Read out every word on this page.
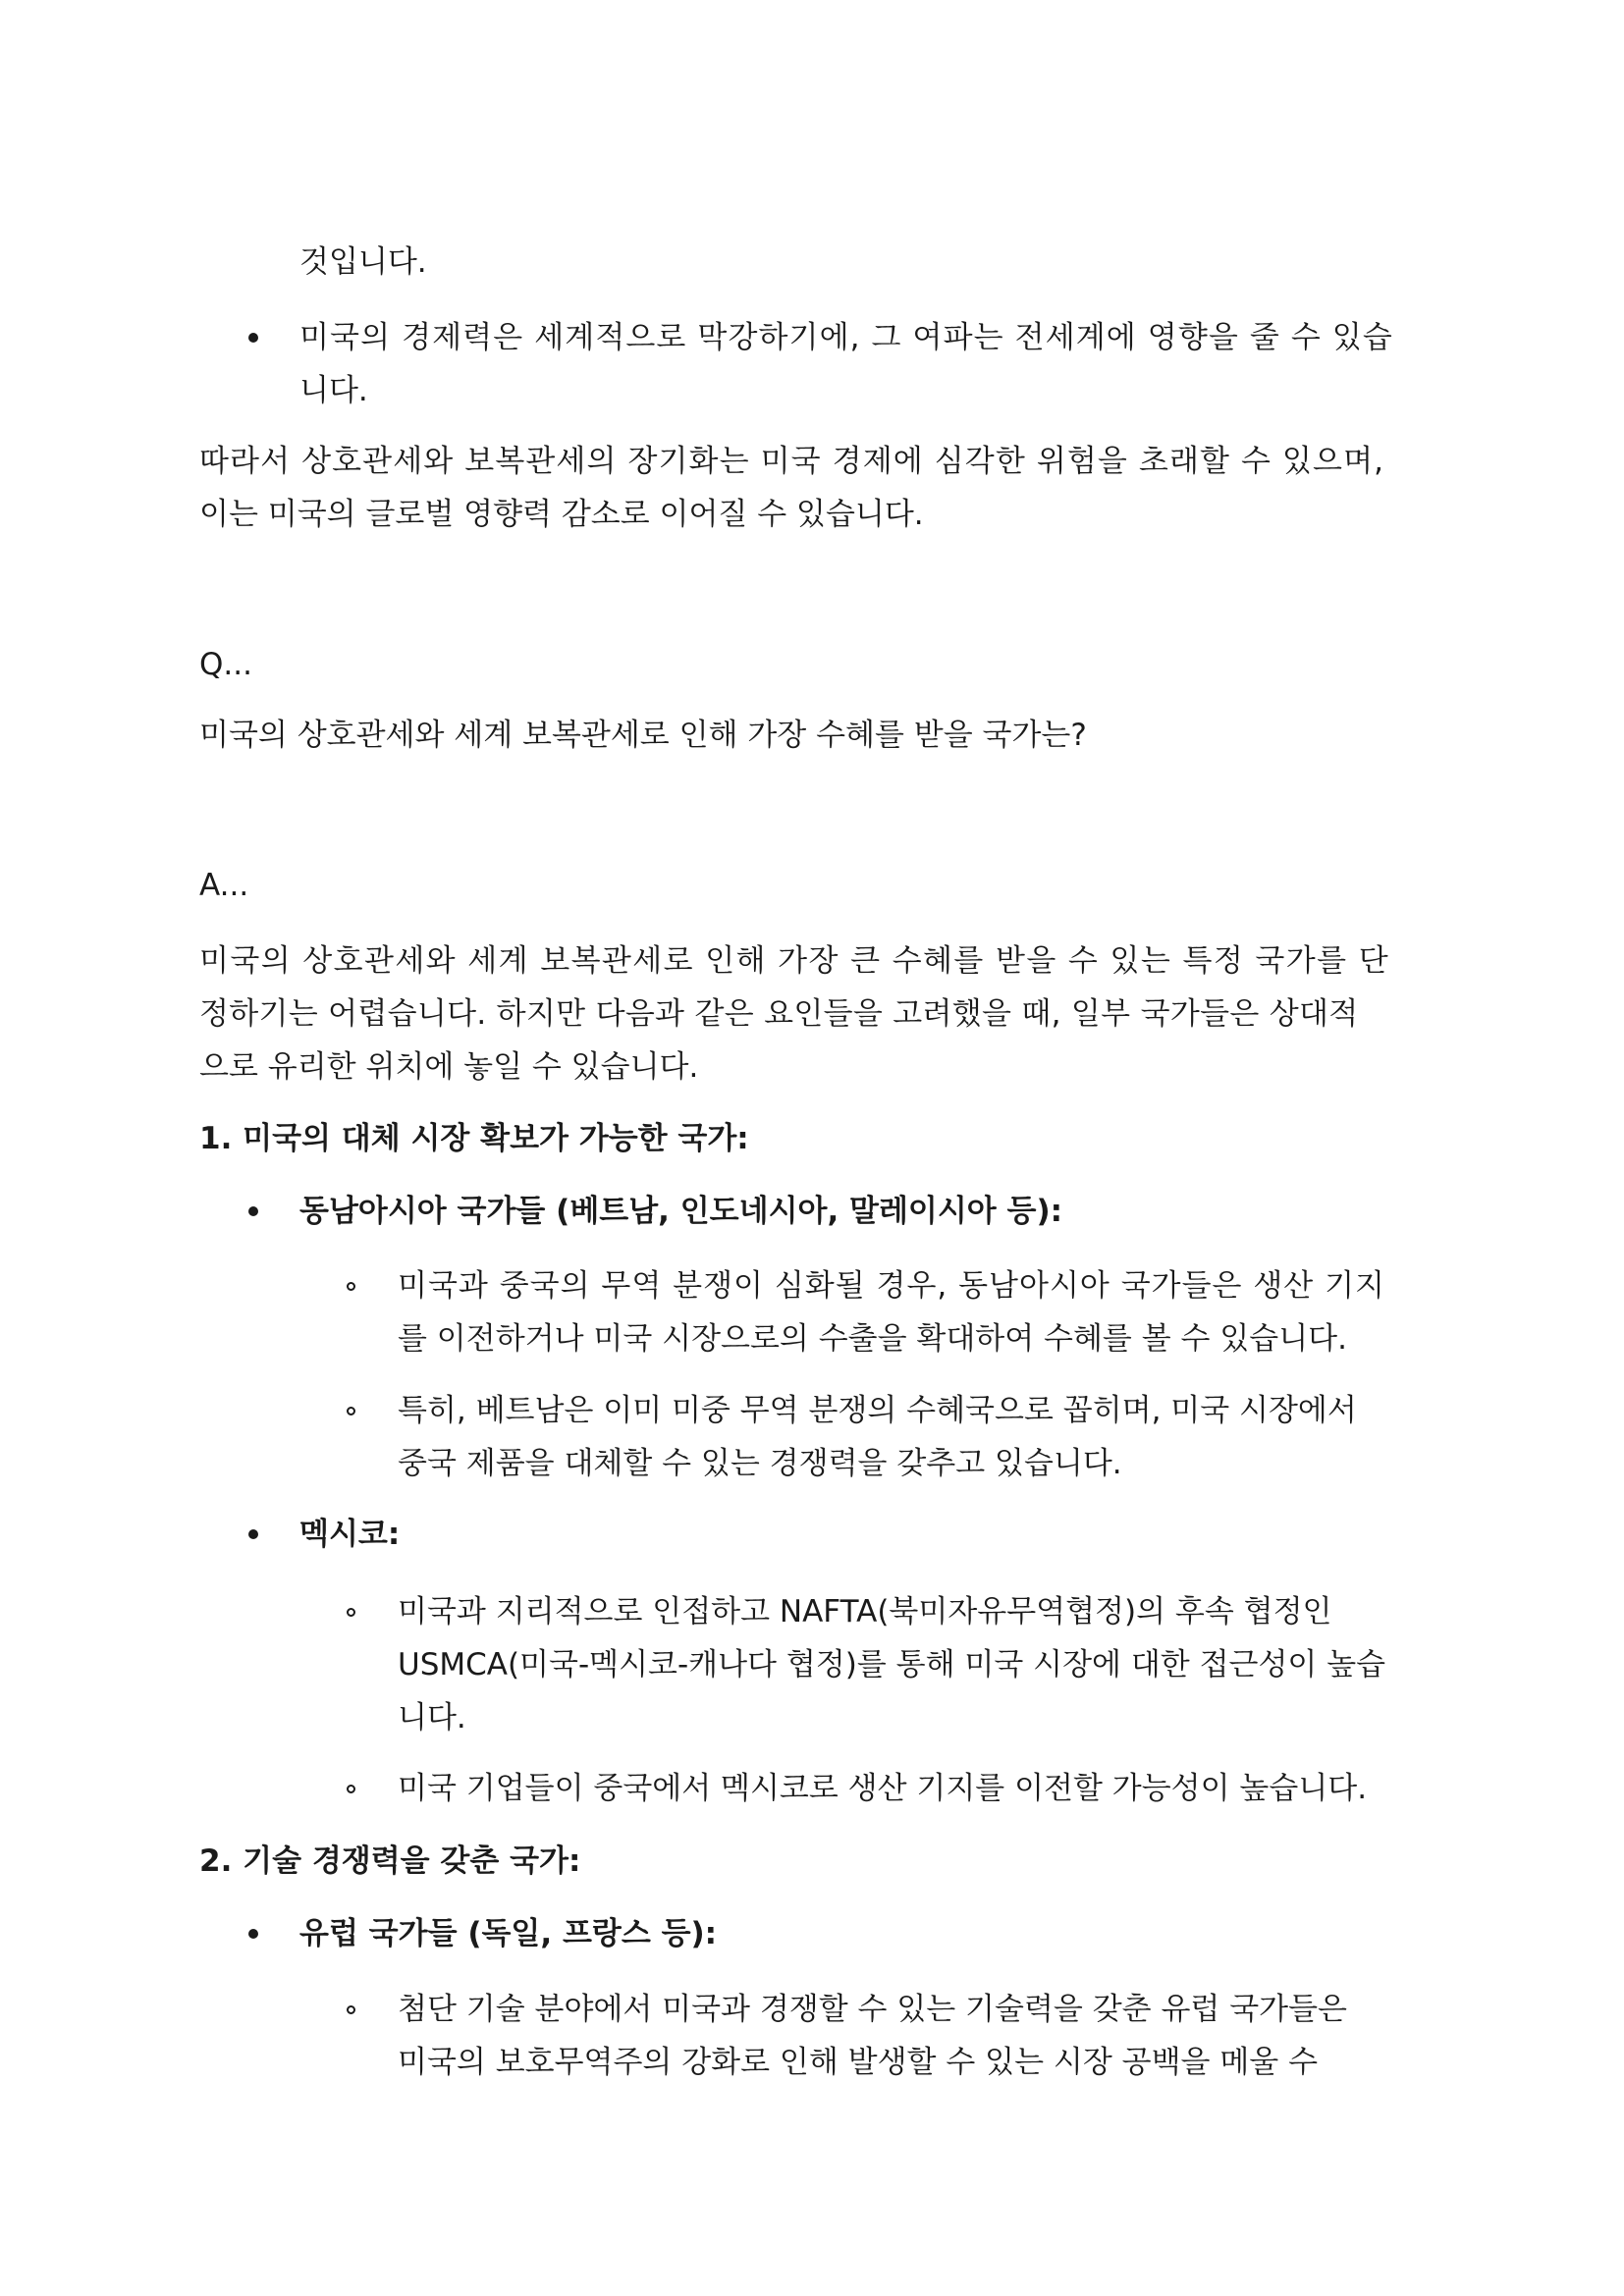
것입니다.
미국의 경제력은 세계적으로 막강하기에, 그 여파는 전세계에 영향을 줄 수 있습
니다.
따라서 상호관세와 보복관세의 장기화는 미국 경제에 심각한 위험을 초래할 수 있으며,
이는 미국의 글로벌 영향력 감소로 이어질 수 있습니다.
Q...
미국의 상호관세와 세계 보복관세로 인해 가장 수혜를 받을 국가는?
A...
미국의 상호관세와 세계 보복관세로 인해 가장 큰 수혜를 받을 수 있는 특정 국가를 단
정하기는 어렵습니다. 하지만 다음과 같은 요인들을 고려했을 때, 일부 국가들은 상대적
으로 유리한 위치에 놓일 수 있습니다.
1. 미국의 대체 시장 확보가 가능한 국가:
동남아시아 국가들 (베트남, 인도네시아, 말레이시아 등):
미국과 중국의 무역 분쟁이 심화될 경우, 동남아시아 국가들은 생산 기지
를 이전하거나 미국 시장으로의 수출을 확대하여 수혜를 볼 수 있습니다.
특히, 베트남은 이미 미중 무역 분쟁의 수혜국으로 꼽히며, 미국 시장에서
중국 제품을 대체할 수 있는 경쟁력을 갖추고 있습니다.
멕시코:
미국과 지리적으로 인접하고 NAFTA(북미자유무역협정)의 후속 협정인
USMCA(미국-멕시코-캐나다 협정)를 통해 미국 시장에 대한 접근성이 높습
니다.
미국 기업들이 중국에서 멕시코로 생산 기지를 이전할 가능성이 높습니다.
2. 기술 경쟁력을 갖춘 국가:
유럽 국가들 (독일, 프랑스 등):
첨단 기술 분야에서 미국과 경쟁할 수 있는 기술력을 갖춘 유럽 국가들은
미국의 보호무역주의 강화로 인해 발생할 수 있는 시장 공백을 메울 수
